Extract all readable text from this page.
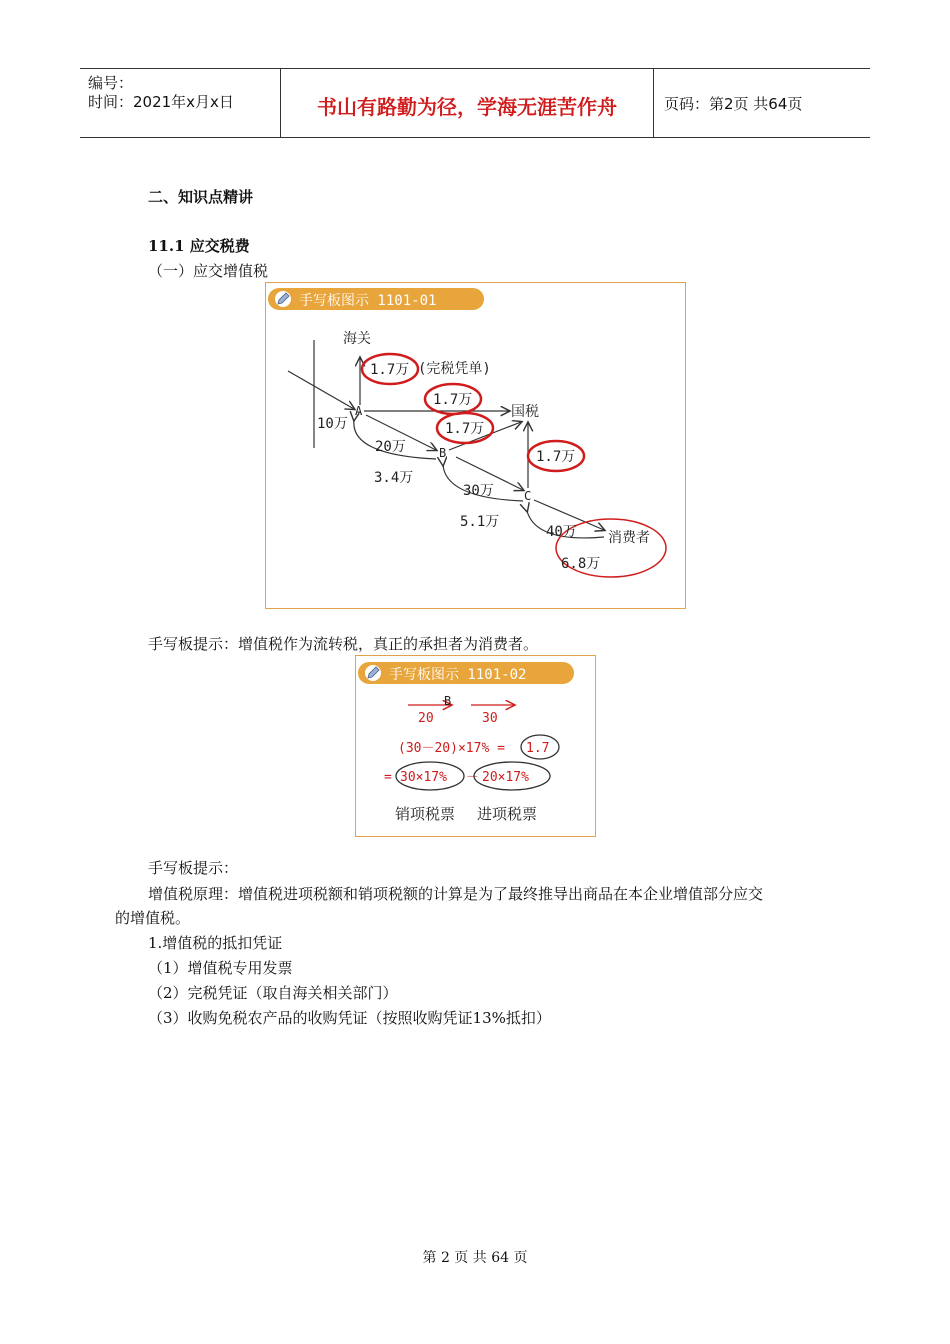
编号：
时间：2021年x月x日	书山有路勤为径，学海无涯苦作舟	页码：第2页 共64页
二、知识点精讲
11.1 应交税费
（一）应交增值税
手写板图示 1101-01
海关
1.7万 (完税凭单)
1.7万
1.7万
1.7万
国税
A
B
C
10万
20万
3.4万
30万
5.1万
40万 消费者
6.8万
手写板提示：增值税作为流转税，真正的承担者为消费者。
手写板图示 1101-02
20	30
(30－20)×17% = 1.7
= 30×17% － 20×17%
B
销项税票 进项税票
手写板提示：
增值税原理：增值税进项税额和销项税额的计算是为了最终推导出商品在本企业增值部分应交
的增值税。
1.增值税的抵扣凭证
（1）增值税专用发票
（2）完税凭证（取自海关相关部门）
（3）收购免税农产品的收购凭证（按照收购凭证13%抵扣）
第 2 页 共 64 页
